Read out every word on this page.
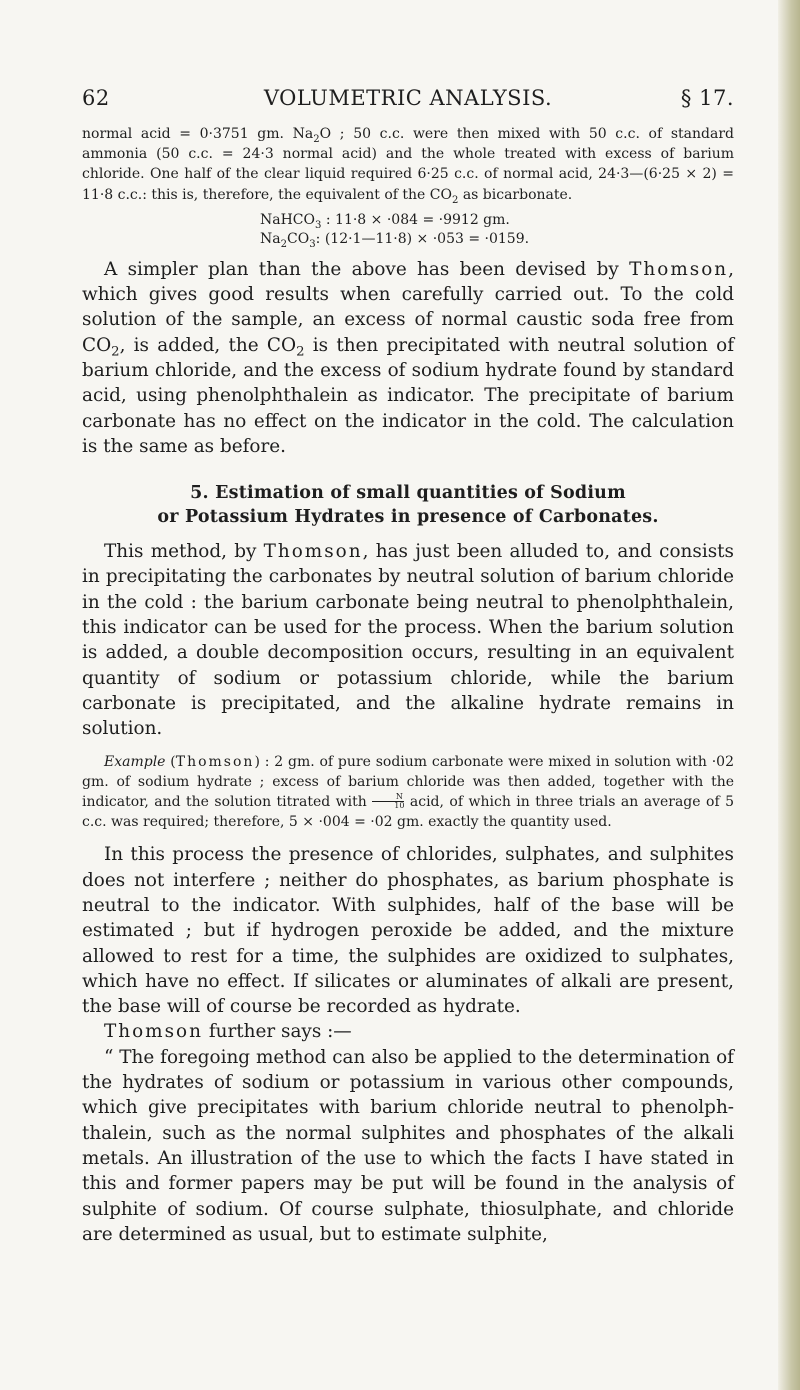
62	VOLUMETRIC ANALYSIS.	§ 17.

normal acid = 0·3751 gm. $Na_2O$ ; 50 c.c. were then mixed with 50 c.c. of standard ammonia (50 c.c. = 24·3 normal acid) and the whole treated with excess of barium chloride. One half of the clear liquid required 6·25 c.c. of normal acid, 24·3—(6·25 × 2) = 11·8 c.c.: this is, therefore, the equivalent of the $CO_2$ as bicarbonate.

NaHCO$_3$ : 11·8 × ·084 = ·9912 gm.
$Na_2CO_3$: (12·1—11·8) × ·053 = ·0159.

A simpler plan than the above has been devised by Thomson, which gives good results when carefully carried out. To the cold solution of the sample, an excess of normal caustic soda free from $CO_2$, is added, the $CO_2$ is then precipitated with neutral solution of barium chloride, and the excess of sodium hydrate found by standard acid, using phenolphthalein as indicator. The precipitate of barium carbonate has no effect on the indicator in the cold. The calculation is the same as before.

5. Estimation of small quantities of Sodium
or Potassium Hydrates in presence of Carbonates.

This method, by Thomson, has just been alluded to, and consists in precipitating the carbonates by neutral solution of barium chloride in the cold : the barium carbonate being neutral to phenolphthalein, this indicator can be used for the process. When the barium solution is added, a double decomposition occurs, resulting in an equivalent quantity of sodium or potassium chloride, while the barium carbonate is precipitated, and the alkaline hydrate remains in solution.

Example (Thomson) : 2 gm. of pure sodium carbonate were mixed in solution with ·02 gm. of sodium hydrate ; excess of barium chloride was then added, together with the indicator, and the solution titrated with $\frac{N}{10}$ acid, of which in three trials an average of 5 c.c. was required; therefore, 5 × ·004 = ·02 gm. exactly the quantity used.

In this process the presence of chlorides, sulphates, and sulphites does not interfere ; neither do phosphates, as barium phosphate is neutral to the indicator. With sulphides, half of the base will be estimated ; but if hydrogen peroxide be added, and the mixture allowed to rest for a time, the sulphides are oxidized to sulphates, which have no effect. If silicates or aluminates of alkali are present, the base will of course be recorded as hydrate.

Thomson further says :—

“ The foregoing method can also be applied to the determination of the hydrates of sodium or potassium in various other compounds, which give precipitates with barium chloride neutral to phenolph-thalein, such as the normal sulphites and phosphates of the alkali metals. An illustration of the use to which the facts I have stated in this and former papers may be put will be found in the analysis of sulphite of sodium. Of course sulphate, thiosulphate, and chloride are determined as usual, but to estimate sulphite,
